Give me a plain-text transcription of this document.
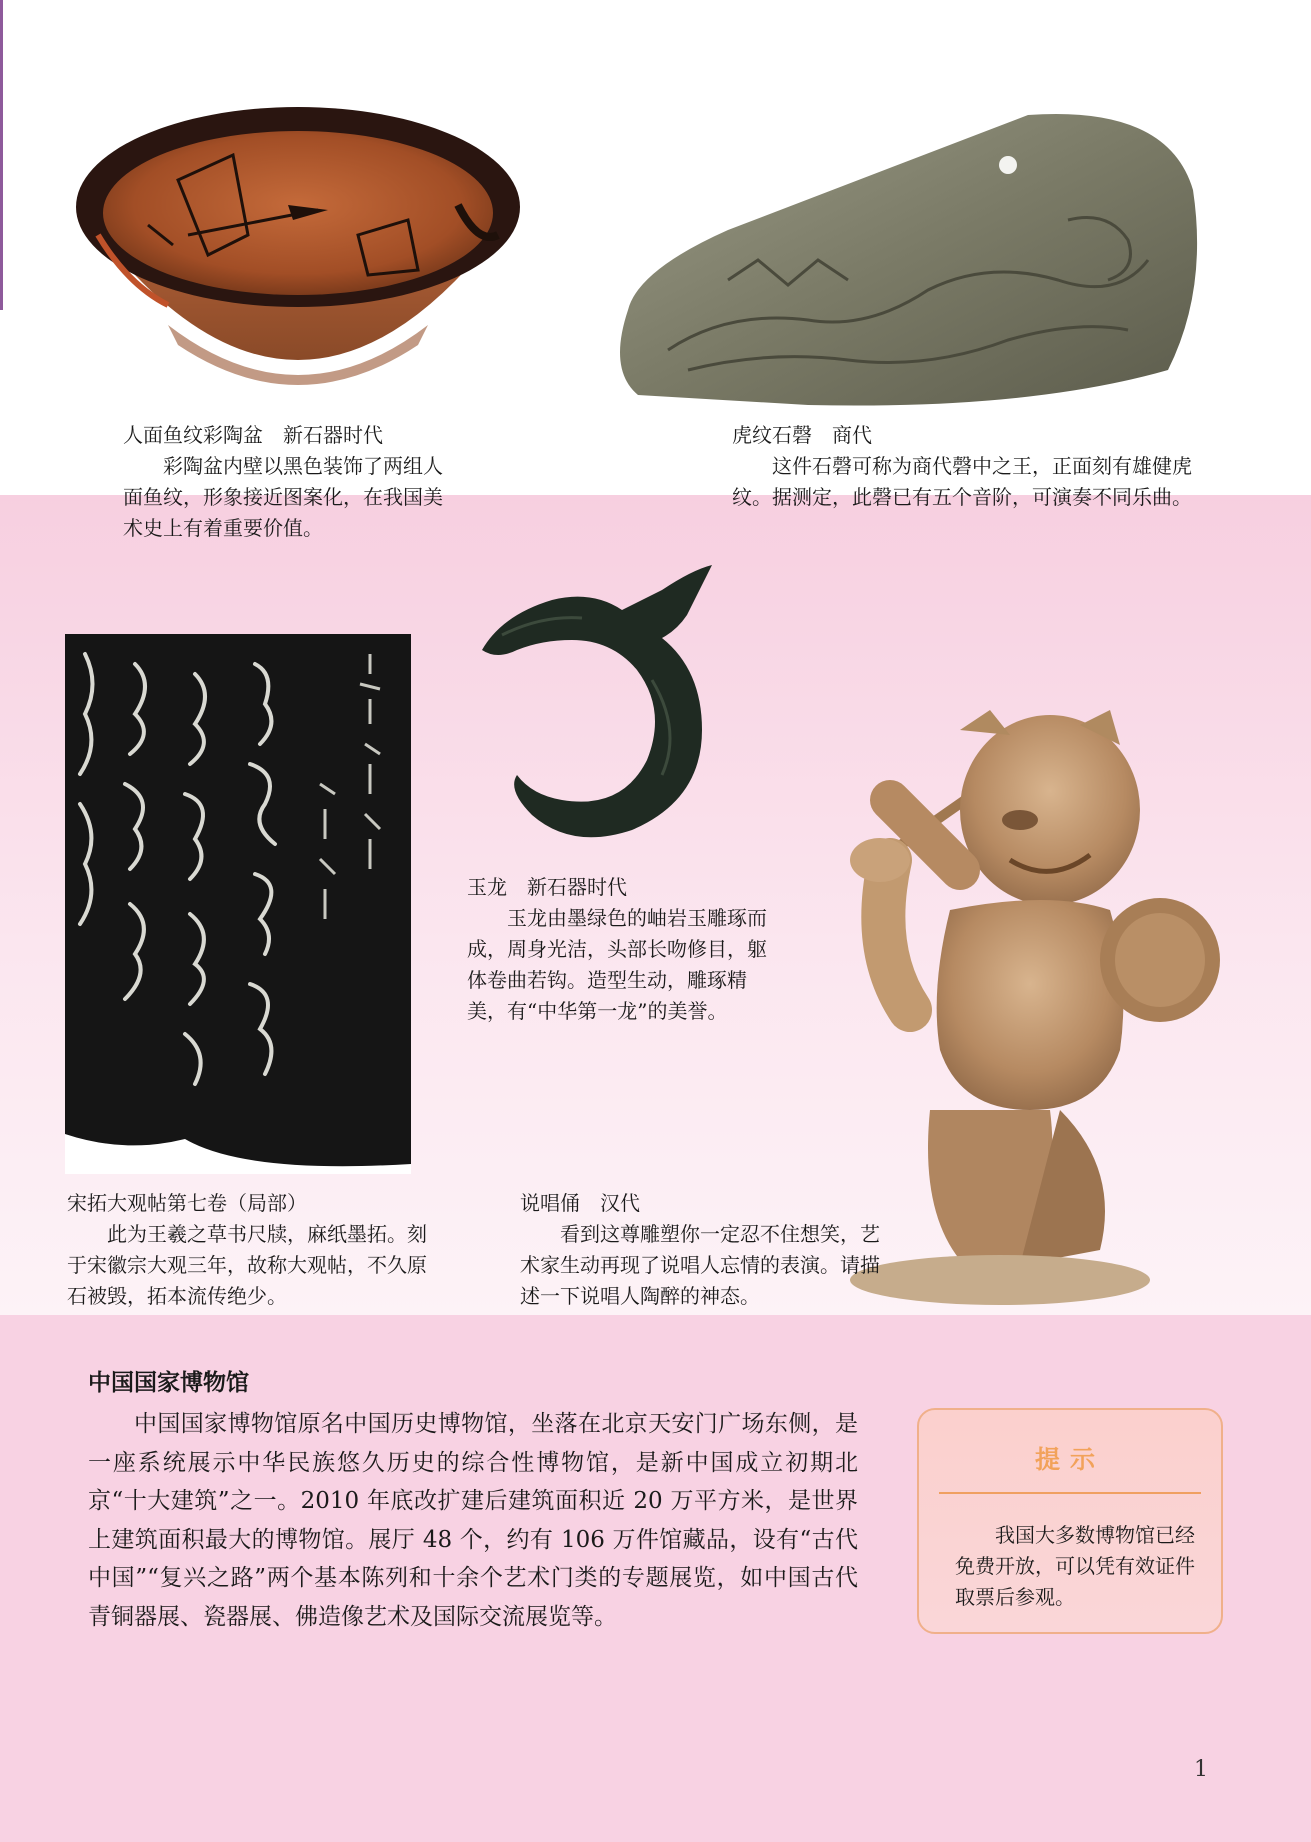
人面鱼纹彩陶盆　新石器时代
彩陶盆内壁以黑色装饰了两组人面鱼纹，形象接近图案化，在我国美术史上有着重要价值。
虎纹石磬　商代
这件石磬可称为商代磬中之王，正面刻有雄健虎纹。据测定，此磬已有五个音阶，可演奏不同乐曲。
玉龙　新石器时代
玉龙由墨绿色的岫岩玉雕琢而成，周身光洁，头部长吻修目，躯体卷曲若钩。造型生动，雕琢精美，有“中华第一龙”的美誉。
宋拓大观帖第七卷（局部）
此为王羲之草书尺牍，麻纸墨拓。刻于宋徽宗大观三年，故称大观帖，不久原石被毁，拓本流传绝少。
说唱俑　汉代
看到这尊雕塑你一定忍不住想笑，艺术家生动再现了说唱人忘情的表演。请描述一下说唱人陶醉的神态。
中国国家博物馆

中国国家博物馆原名中国历史博物馆，坐落在北京天安门广场东侧，是一座系统展示中华民族悠久历史的综合性博物馆，是新中国成立初期北京“十大建筑”之一。2010 年底改扩建后建筑面积近 20 万平方米，是世界上建筑面积最大的博物馆。展厅 48 个，约有 106 万件馆藏品，设有“古代中国”“复兴之路”两个基本陈列和十余个艺术门类的专题展览，如中国古代青铜器展、瓷器展、佛造像艺术及国际交流展览等。

提示
我国大多数博物馆已经免费开放，可以凭有效证件取票后参观。
1
